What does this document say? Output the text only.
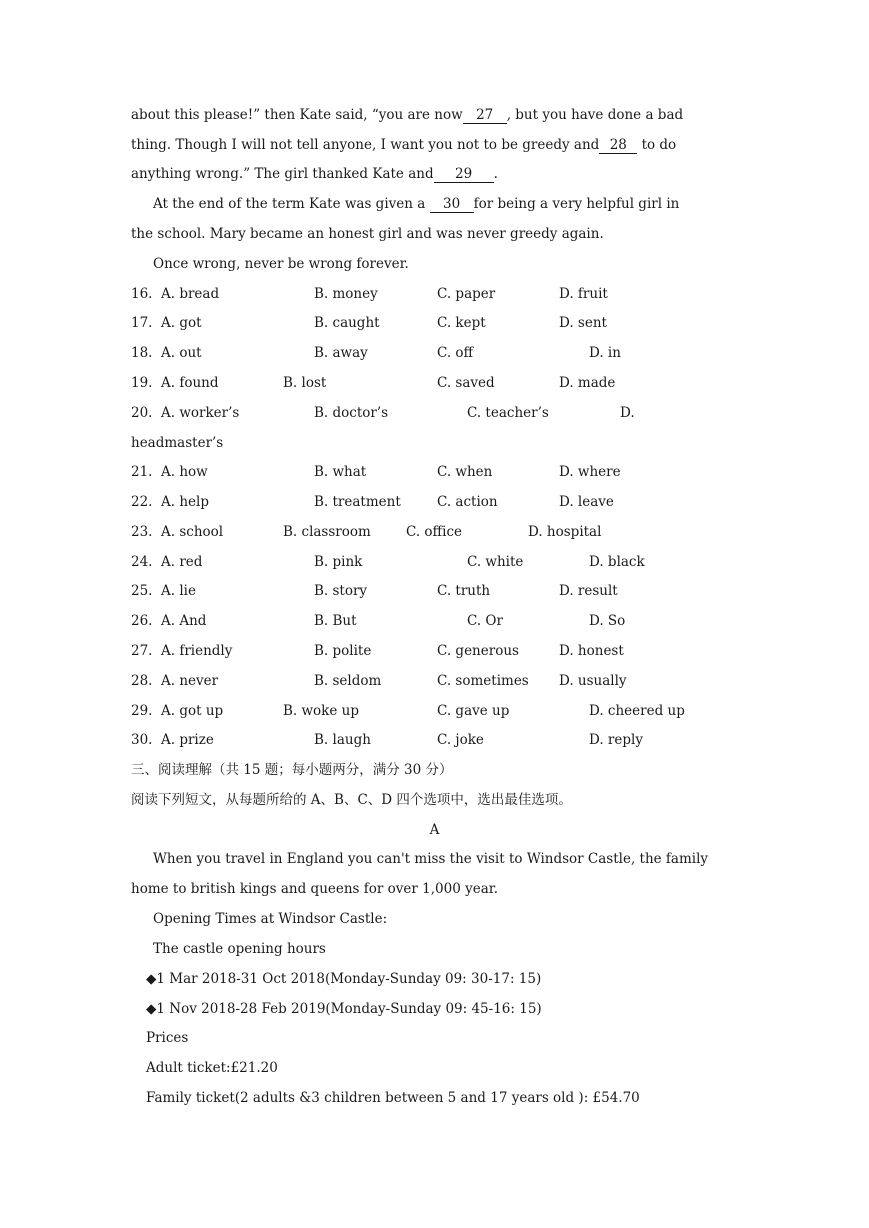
about this please!” then Kate said, “you are now 27 , but you have done a bad
thing. Though I will not tell anyone, I want you not to be greedy and 28 to do
anything wrong.” The girl thanked Kate and 29 .
At the end of the term Kate was given a 30 for being a very helpful girl in
the school. Mary became an honest girl and was never greedy again.
Once wrong, never be wrong forever.
16. A. bread	B. money	C. paper	D. fruit
17. A. got	B. caught	C. kept	D. sent
18. A. out	B. away	C. off	D. in
19. A. found	B. lost	C. saved	D. made
20. A. worker’s	B. doctor’s	C. teacher’s	D.
headmaster’s
21. A. how	B. what	C. when	D. where
22. A. help	B. treatment	C. action	D. leave
23. A. school	B. classroom	C. office	D. hospital
24. A. red	B. pink	C. white	D. black
25. A. lie	B. story	C. truth	D. result
26. A. And	B. But	C. Or	D. So
27. A. friendly	B. polite	C. generous	D. honest
28. A. never	B. seldom	C. sometimes D. usually
29. A. got up	B. woke up	C. gave up	D. cheered up
30. A. prize	B. laugh	C. joke	D. reply
三、阅读理解（共 15 题；每小题两分，满分 30 分）
阅读下列短文，从每题所给的 A、B、C、D 四个选项中，选出最佳选项。
A
When you travel in England you can't miss the visit to Windsor Castle, the family
home to british kings and queens for over 1,000 year.
Opening Times at Windsor Castle:
The castle opening hours
◆1 Mar 2018-31 Oct 2018(Monday-Sunday 09: 30-17: 15)
◆1 Nov 2018-28 Feb 2019(Monday-Sunday 09: 45-16: 15)
Prices
Adult ticket:£21.20
Family ticket(2 adults &3 children between 5 and 17 years old ): £54.70
